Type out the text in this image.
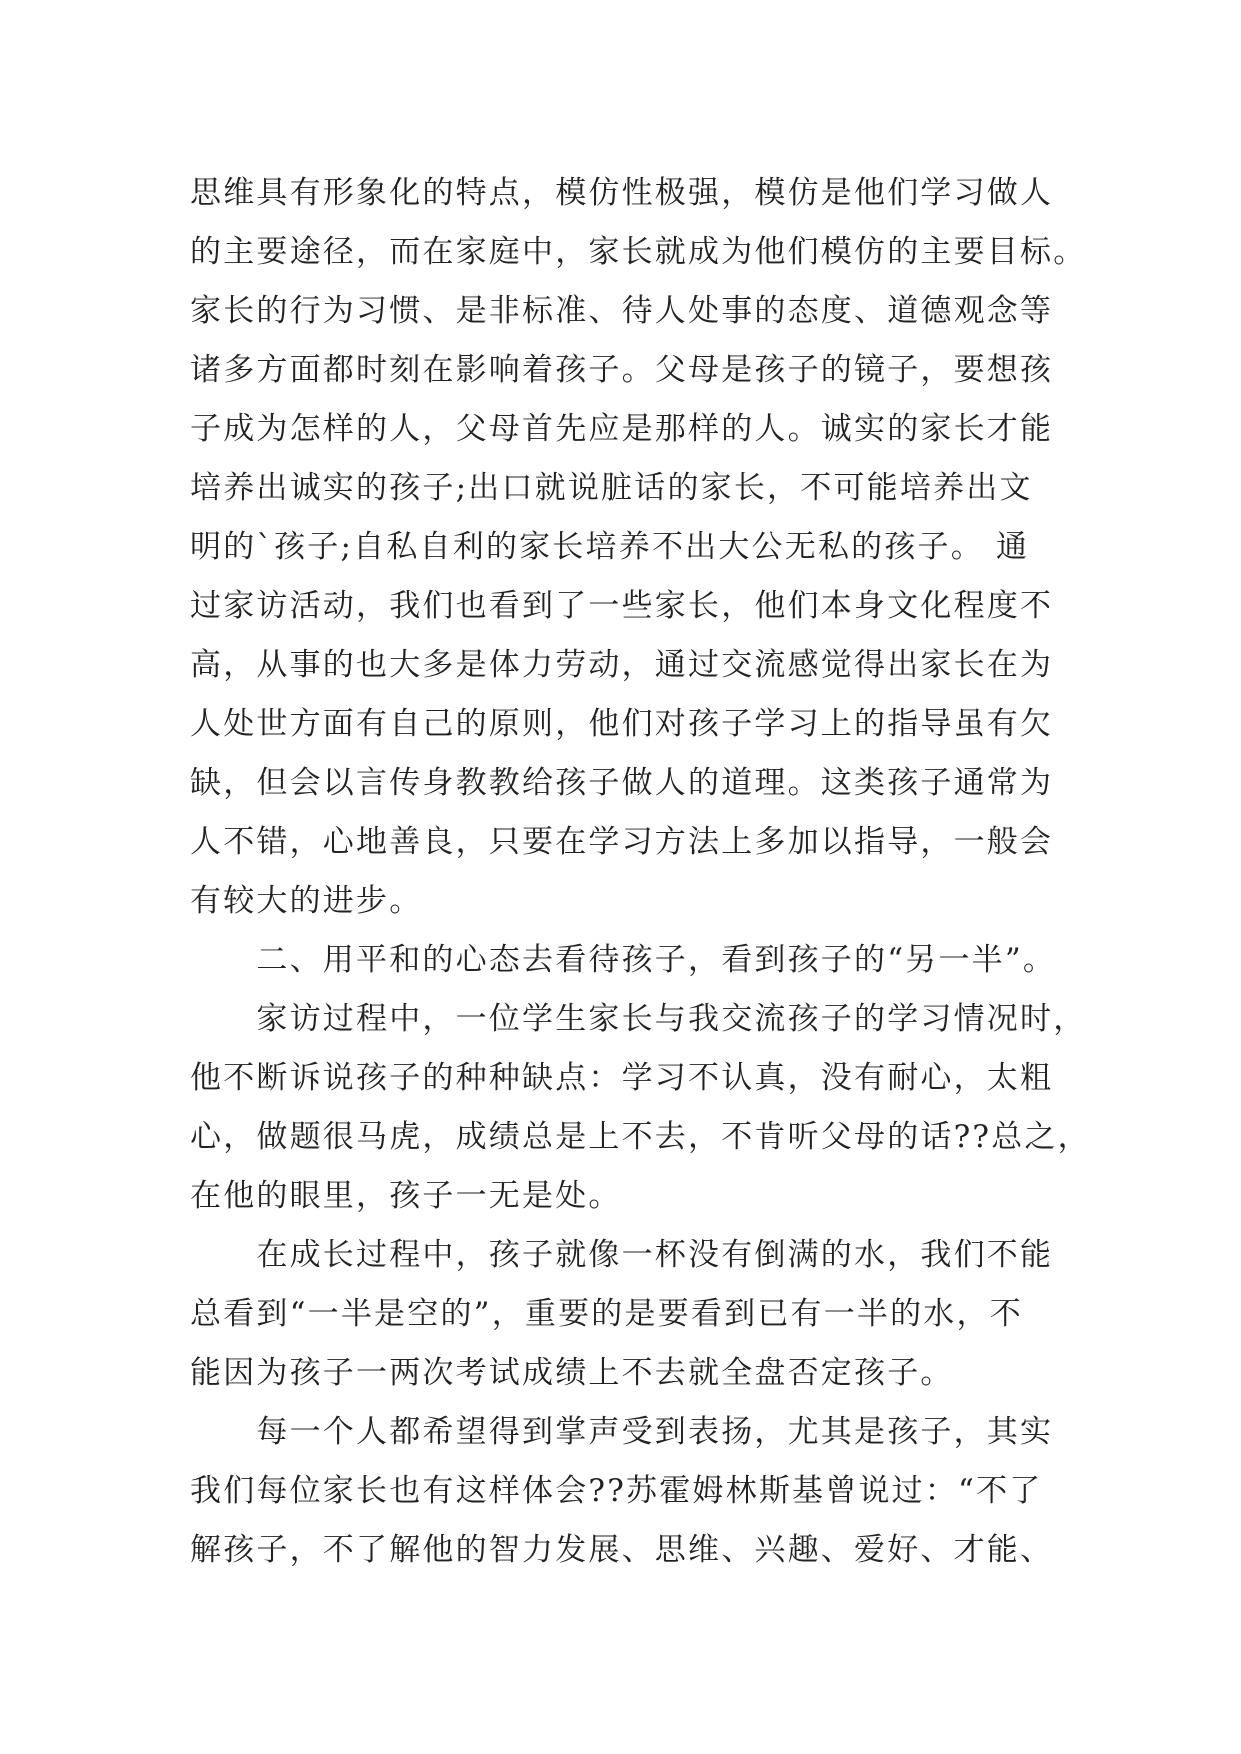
思维具有形象化的特点，模仿性极强，模仿是他们学习做人
的主要途径，而在家庭中，家长就成为他们模仿的主要目标。
家长的行为习惯、是非标准、待人处事的态度、道德观念等
诸多方面都时刻在影响着孩子。父母是孩子的镜子，要想孩
子成为怎样的人，父母首先应是那样的人。诚实的家长才能
培养出诚实的孩子;出口就说脏话的家长，不可能培养出文
明的`孩子;自私自利的家长培养不出大公无私的孩子。 通
过家访活动，我们也看到了一些家长，他们本身文化程度不
高，从事的也大多是体力劳动，通过交流感觉得出家长在为
人处世方面有自己的原则，他们对孩子学习上的指导虽有欠
缺，但会以言传身教教给孩子做人的道理。这类孩子通常为
人不错，心地善良，只要在学习方法上多加以指导，一般会
有较大的进步。
　　二、用平和的心态去看待孩子，看到孩子的“另一半”。
　　家访过程中，一位学生家长与我交流孩子的学习情况时，
他不断诉说孩子的种种缺点：学习不认真，没有耐心，太粗
心，做题很马虎，成绩总是上不去，不肯听父母的话??总之，
在他的眼里，孩子一无是处。
　　在成长过程中，孩子就像一杯没有倒满的水，我们不能
总看到“一半是空的”，重要的是要看到已有一半的水，不
能因为孩子一两次考试成绩上不去就全盘否定孩子。
　　每一个人都希望得到掌声受到表扬，尤其是孩子，其实
我们每位家长也有这样体会??苏霍姆林斯基曾说过：“不了
解孩子，不了解他的智力发展、思维、兴趣、爱好、才能、
